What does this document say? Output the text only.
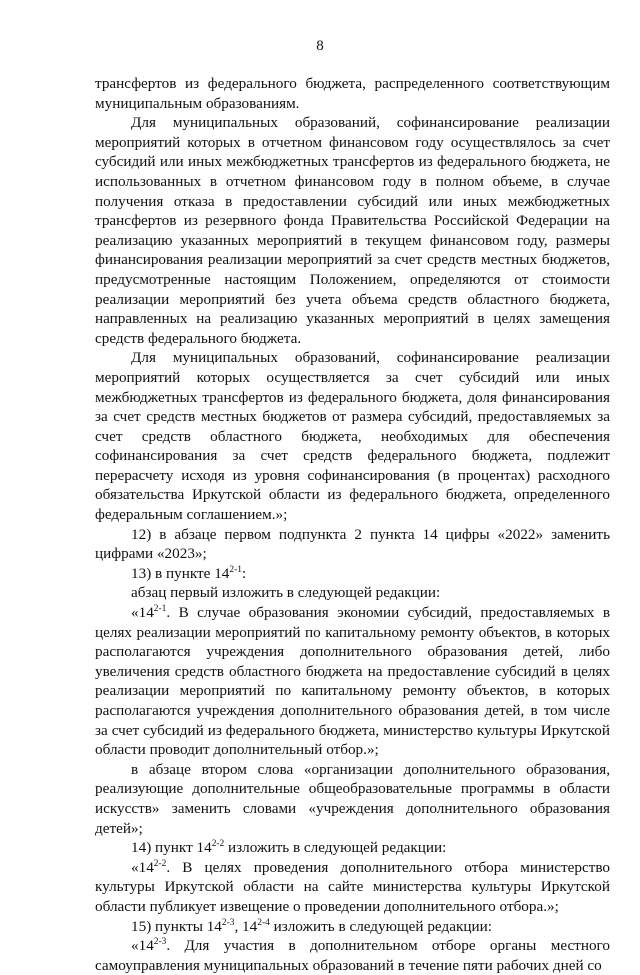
8

трансфертов из федерального бюджета, распределенного соответствующим муниципальным образованиям.

Для муниципальных образований, софинансирование реализации мероприятий которых в отчетном финансовом году осуществлялось за счет субсидий или иных межбюджетных трансфертов из федерального бюджета, не использованных в отчетном финансовом году в полном объеме, в случае получения отказа в предоставлении субсидий или иных межбюджетных трансфертов из резервного фонда Правительства Российской Федерации на реализацию указанных мероприятий в текущем финансовом году, размеры финансирования реализации мероприятий за счет средств местных бюджетов, предусмотренные настоящим Положением, определяются от стоимости реализации мероприятий без учета объема средств областного бюджета, направленных на реализацию указанных мероприятий в целях замещения средств федерального бюджета.

Для муниципальных образований, софинансирование реализации мероприятий которых осуществляется за счет субсидий или иных межбюджетных трансфертов из федерального бюджета, доля финансирования за счет средств местных бюджетов от размера субсидий, предоставляемых за счет средств областного бюджета, необходимых для обеспечения софинансирования за счет средств федерального бюджета, подлежит перерасчету исходя из уровня софинансирования (в процентах) расходного обязательства Иркутской области из федерального бюджета, определенного федеральным соглашением.»;

12) в абзаце первом подпункта 2 пункта 14 цифры «2022» заменить цифрами «2023»;

13) в пункте 14$^{2-1}$:

абзац первый изложить в следующей редакции:

«14$^{2-1}$. В случае образования экономии субсидий, предоставляемых в целях реализации мероприятий по капитальному ремонту объектов, в которых располагаются учреждения дополнительного образования детей, либо увеличения средств областного бюджета на предоставление субсидий в целях реализации мероприятий по капитальному ремонту объектов, в которых располагаются учреждения дополнительного образования детей, в том числе за счет субсидий из федерального бюджета, министерство культуры Иркутской области проводит дополнительный отбор.»;

в абзаце втором слова «организации дополнительного образования, реализующие дополнительные общеобразовательные программы в области искусств» заменить словами «учреждения дополнительного образования детей»;

14) пункт 14$^{2-2}$ изложить в следующей редакции:

«14$^{2-2}$. В целях проведения дополнительного отбора министерство культуры Иркутской области на сайте министерства культуры Иркутской области публикует извещение о проведении дополнительного отбора.»;

15) пункты 14$^{2-3}$, 14$^{2-4}$ изложить в следующей редакции:

«14$^{2-3}$. Для участия в дополнительном отборе органы местного самоуправления муниципальных образований в течение пяти рабочих дней со
